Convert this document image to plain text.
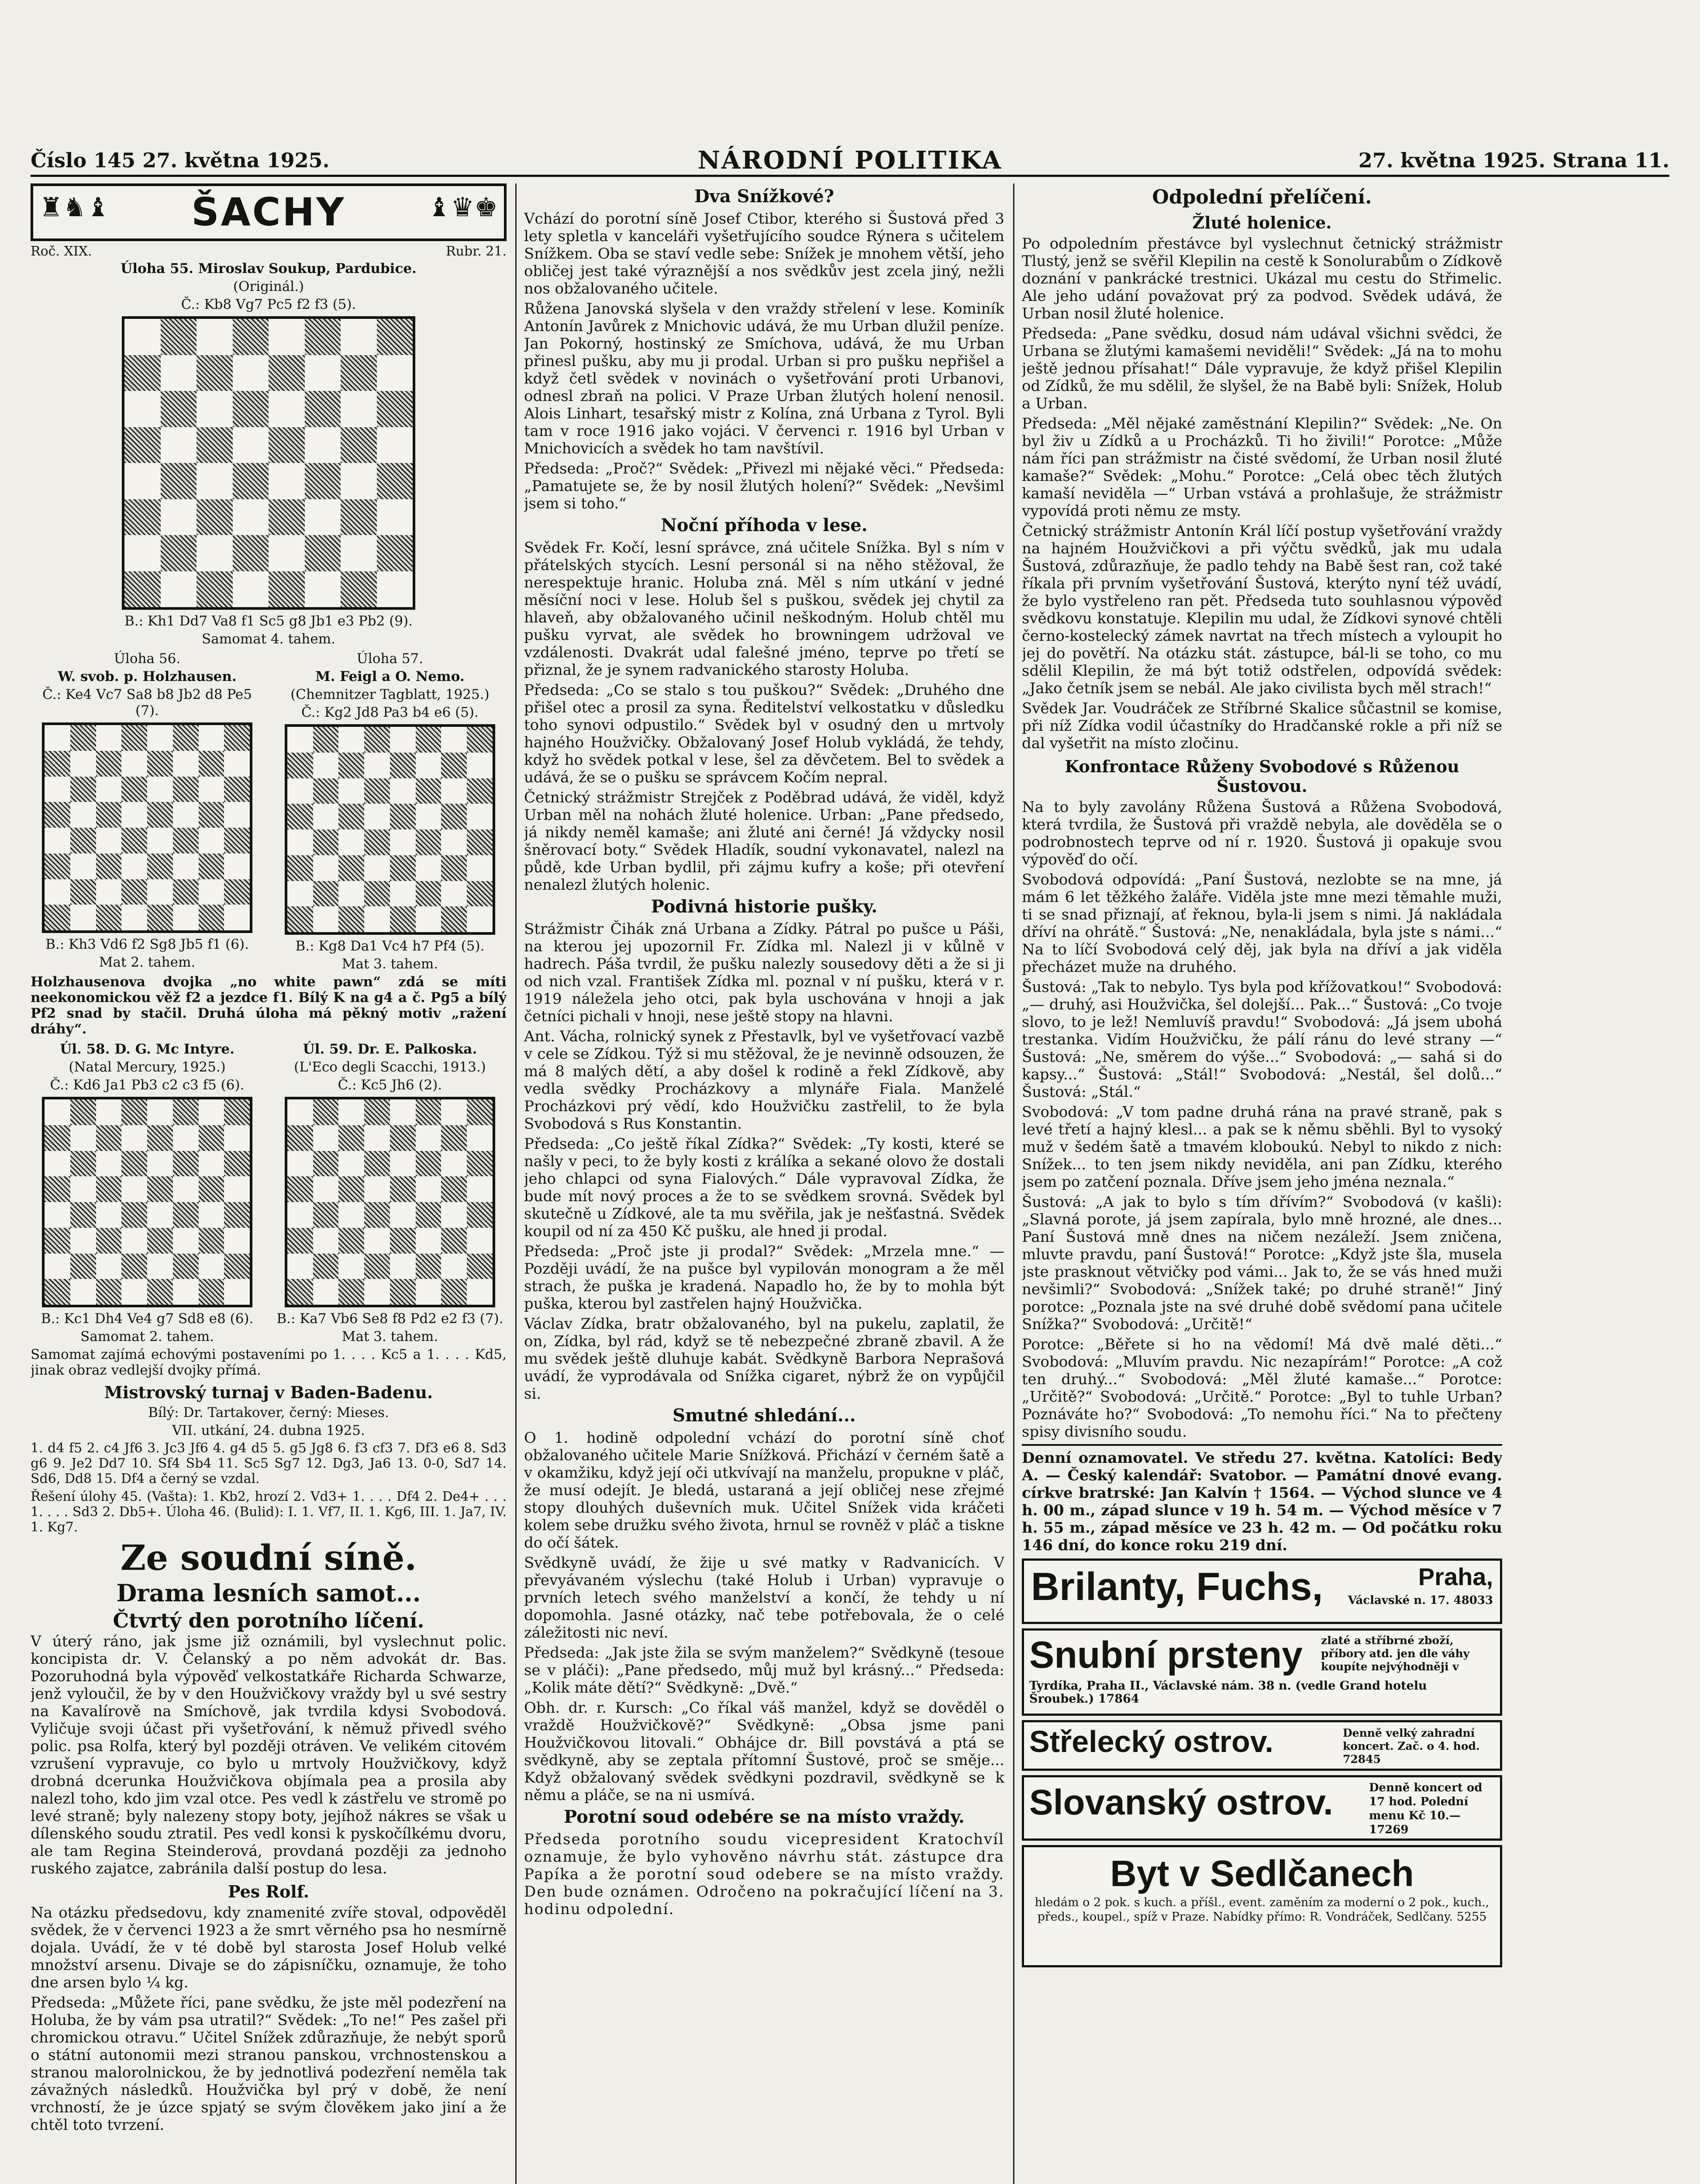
Číslo 145 27. května 1925.	NÁRODNÍ POLITIKA	27. května 1925. Strana 11.
♜♞♝	ŠACHY	♝♛♚
Roč. XIX.	Rubr. 21.
Úloha 55. Miroslav Soukup, Pardubice.
(Originál.)
Č.: Kb8 Vg7 Pc5 f2 f3 (5).
B.: Kh1 Dd7 Va8 f1 Sc5 g8 Jb1 e3 Pb2 (9).
Samomat 4. tahem.
Úloha 56.
W. svob. p. Holzhausen.
Č.: Ke4 Vc7 Sa8 b8 Jb2 d8 Pe5 (7).
B.: Kh3 Vd6 f2 Sg8 Jb5 f1 (6).
Mat 2. tahem.
Úloha 57.
M. Feigl a O. Nemo.
(Chemnitzer Tagblatt, 1925.)
Č.: Kg2 Jd8 Pa3 b4 e6 (5).
B.: Kg8 Da1 Vc4 h7 Pf4 (5).
Mat 3. tahem.
Holzhausenova dvojka „no white pawn“ zdá se míti neekonomickou věž f2 a jezdce f1. Bílý K na g4 a č. Pg5 a bílý Pf2 snad by stačil. Druhá úloha má pěkný motiv „ražení dráhy“.
Úl. 58. D. G. Mc Intyre.
(Natal Mercury, 1925.)
Č.: Kd6 Ja1 Pb3 c2 c3 f5 (6).
B.: Kc1 Dh4 Ve4 g7 Sd8 e8 (6).
Samomat 2. tahem.
Úl. 59. Dr. E. Palkoska.
(L'Eco degli Scacchi, 1913.)
Č.: Kc5 Jh6 (2).
B.: Ka7 Vb6 Se8 f8 Pd2 e2 f3 (7).
Mat 3. tahem.
Samomat zajímá echovými postaveními po 1. . . . Kc5 a 1. . . . Kd5, jinak obraz vedlejší dvojky přímá.
Mistrovský turnaj v Baden-Badenu.
Bílý: Dr. Tartakover, černý: Mieses.
VII. utkání, 24. dubna 1925.
1. d4 f5 2. c4 Jf6 3. Jc3 Jf6 4. g4 d5 5. g5 Jg8 6. f3 cf3 7. Df3 e6 8. Sd3 g6 9. Je2 Dd7 10. Sf4 Sb4 11. Sc5 Sg7 12. Dg3, Ja6 13. 0-0, Sd7 14. Sd6, Dd8 15. Df4 a černý se vzdal.
Řešení úlohy 45. (Vašta): 1. Kb2, hrozí 2. Vd3+ 1. . . . Df4 2. De4+ . . . 1. . . . Sd3 2. Db5+. Úloha 46. (Bulid): I. 1. Vf7, II. 1. Kg6, III. 1. Ja7, IV. 1. Kg7.
Ze soudní síně.
Drama lesních samot...
Čtvrtý den porotního líčení.
V úterý ráno, jak jsme již oznámili, byl vyslechnut polic. koncipista dr. V. Čelanský a po něm advokát dr. Bas. Pozoruhodná byla výpověď velkostatkáře Richarda Schwarze, jenž vyloučil, že by v den Houžvičkovy vraždy byl u své sestry na Kavalírově na Smíchově, jak tvrdila kdysi Svobodová. Vyličuje svoji účast při vyšetřování, k němuž přivedl svého polic. psa Rolfa, který byl později otráven. Ve velikém citovém vzrušení vypravuje, co bylo u mrtvoly Houžvičkovy, když drobná dcerunka Houžvičkova objímala pea a prosila aby nalezl toho, kdo jim vzal otce. Pes vedl k zástřelu ve stromě po levé straně; byly nalezeny stopy boty, jejíhož nákres se však u dílenského soudu ztratil. Pes vedl konsi k pyskočílkému dvoru, ale tam Regina Steinderová, provdaná později za jednoho ruského zajatce, zabránila další postup do lesa.
Pes Rolf.
Na otázku předsedovu, kdy znamenité zvíře stoval, odpověděl svědek, že v červenci 1923 a že smrt věrného psa ho nesmírně dojala. Uvádí, že v té době byl starosta Josef Holub velké množství arsenu. Divaje se do zápisníčku, oznamuje, že toho dne arsen bylo ¼ kg.
Předseda: „Můžete říci, pane svědku, že jste měl podezření na Holuba, že by vám psa utratil?“ Svědek: „To ne!“ Pes zašel při chromickou otravu.“ Učitel Snížek zdůrazňuje, že nebýt sporů o státní autonomii mezi stranou panskou, vrchnostenskou a stranou malorolnickou, že by jednotlivá podezření neměla tak závažných následků. Houžvička byl prý v době, že není vrchností, že je úzce spjatý se svým člověkem jako jiní a že chtěl toto tvrzení.
Dva Snížkové?
Vchází do porotní síně Josef Ctibor, kterého si Šustová před 3 lety spletla v kanceláři vyšetřujícího soudce Rýnera s učitelem Snížkem. Oba se staví vedle sebe: Snížek je mnohem větší, jeho obličej jest také výraznější a nos svědkův jest zcela jiný, nežli nos obžalovaného učitele.
Růžena Janovská slyšela v den vraždy střelení v lese. Kominík Antonín Javůrek z Mnichovic udává, že mu Urban dlužil peníze. Jan Pokorný, hostinský ze Smíchova, udává, že mu Urban přinesl pušku, aby mu ji prodal. Urban si pro pušku nepřišel a když četl svědek v novinách o vyšetřování proti Urbanovi, odnesl zbraň na polici. V Praze Urban žlutých holení nenosil. Alois Linhart, tesařský mistr z Kolína, zná Urbana z Tyrol. Byli tam v roce 1916 jako vojáci. V červenci r. 1916 byl Urban v Mnichovicích a svědek ho tam navštívil.
Předseda: „Proč?“ Svědek: „Přivezl mi nějaké věci.“ Předseda: „Pamatujete se, že by nosil žlutých holení?“ Svědek: „Nevšiml jsem si toho.“
Noční příhoda v lese.
Svědek Fr. Kočí, lesní správce, zná učitele Snížka. Byl s ním v přátelských stycích. Lesní personál si na něho stěžoval, že nerespektuje hranic. Holuba zná. Měl s ním utkání v jedné měsíční noci v lese. Holub šel s puškou, svědek jej chytil za hlaveň, aby obžalovaného učinil neškodným. Holub chtěl mu pušku vyrvat, ale svědek ho browningem udržoval ve vzdálenosti. Dvakrát udal falešné jméno, teprve po třetí se přiznal, že je synem radvanického starosty Holuba.
Předseda: „Co se stalo s tou puškou?“ Svědek: „Druhého dne přišel otec a prosil za syna. Ředitelství velkostatku v důsledku toho synovi odpustilo.“ Svědek byl v osudný den u mrtvoly hajného Houžvičky. Obžalovaný Josef Holub vykládá, že tehdy, když ho svědek potkal v lese, šel za děvčetem. Bel to svědek a udává, že se o pušku se správcem Kočím nepral.
Četnický strážmistr Strejček z Poděbrad udává, že viděl, když Urban měl na nohách žluté holenice. Urban: „Pane předsedo, já nikdy neměl kamaše; ani žluté ani černé! Já vždycky nosil šněrovací boty.“ Svědek Hladík, soudní vykonavatel, nalezl na půdě, kde Urban bydlil, při zájmu kufry a koše; při otevření nenalezl žlutých holenic.
Podivná historie pušky.
Strážmistr Čihák zná Urbana a Zídky. Pátral po pušce u Páši, na kterou jej upozornil Fr. Zídka ml. Nalezl ji v kůlně v hadrech. Páša tvrdil, že pušku nalezly sousedovy děti a že si ji od nich vzal. František Zídka ml. poznal v ní pušku, která v r. 1919 náležela jeho otci, pak byla uschována v hnoji a jak četníci pichali v hnoji, nese ještě stopy na hlavni.
Ant. Vácha, rolnický synek z Přestavlk, byl ve vyšetřovací vazbě v cele se Zídkou. Týž si mu stěžoval, že je nevinně odsouzen, že má 8 malých dětí, a aby došel k rodině a řekl Zídkově, aby vedla svědky Procházkovy a mlynáře Fiala. Manželé Procházkovi prý vědí, kdo Houžvičku zastřelil, to že byla Svobodová s Rus Konstantin.
Předseda: „Co ještě říkal Zídka?“ Svědek: „Ty kosti, které se našly v peci, to že byly kosti z králíka a sekané olovo že dostali jeho chlapci od syna Fialových.“ Dále vypravoval Zídka, že bude mít nový proces a že to se svědkem srovná. Svědek byl skutečně u Zídkové, ale ta mu svěřila, jak je nešťastná. Svědek koupil od ní za 450 Kč pušku, ale hned ji prodal.
Předseda: „Proč jste ji prodal?“ Svědek: „Mrzela mne.“ — Později uvádí, že na pušce byl vypilován monogram a že měl strach, že puška je kradená. Napadlo ho, že by to mohla být puška, kterou byl zastřelen hajný Houžvička.
Václav Zídka, bratr obžalovaného, byl na pukelu, zaplatil, že on, Zídka, byl rád, když se tě nebezpečné zbraně zbavil. A že mu svědek ještě dluhuje kabát. Svědkyně Barbora Neprašová uvádí, že vyprodávala od Snížka cigaret, nýbrž že on vypůjčil si.
Smutné shledání...
O 1. hodině odpolední vchází do porotní síně choť obžalovaného učitele Marie Snížková. Přichází v černém šatě a v okamžiku, když její oči utkvívají na manželu, propukne v pláč, že musí odejít. Je bledá, ustaraná a její obličej nese zřejmé stopy dlouhých duševních muk. Učitel Snížek vida kráčeti kolem sebe družku svého života, hrnul se rovněž v pláč a tiskne do očí šátek.
Svědkyně uvádí, že žije u své matky v Radvanicích. V převyávaném výslechu (také Holub i Urban) vypravuje o prvních letech svého manželství a končí, že tehdy u ní dopomohla. Jasné otázky, nač tebe potřebovala, že o celé záležitosti nic neví.
Předseda: „Jak jste žila se svým manželem?“ Svědkyně (tesoue se v pláči): „Pane předsedo, můj muž byl krásný...“ Předseda: „Kolik máte dětí?“ Svědkyně: „Dvě.“
Obh. dr. r. Kursch: „Co říkal váš manžel, když se dověděl o vraždě Houžvičkově?“ Svědkyně: „Obsa jsme pani Houžvičkovou litovali.“ Obhájce dr. Bill povstává a ptá se svědkyně, aby se zeptala přítomní Šustové, proč se směje... Když obžalovaný svědek svědkyni pozdravil, svědkyně se k němu a pláče, se na ni usmívá.
Porotní soud odebére se na místo vraždy.
Předseda porotního soudu vicepresident Kratochvíl oznamuje, že bylo vyhověno návrhu stát. zástupce dra Papíka a že porotní soud odebere se na místo vraždy. Den bude oznámen. Odročeno na pokračující líčení na 3. hodinu odpolední.
Odpolední přelíčení.
Žluté holenice.
Po odpoledním přestávce byl vyslechnut četnický strážmistr Tlustý, jenž se svěřil Klepilin na cestě k Sonolurabům o Zídkově doznání v pankrácké trestnici. Ukázal mu cestu do Střimelic. Ale jeho udání považovat prý za podvod. Svědek udává, že Urban nosil žluté holenice.
Předseda: „Pane svědku, dosud nám udával všichni svědci, že Urbana se žlutými kamašemi neviděli!“ Svědek: „Já na to mohu ještě jednou přísahat!“ Dále vypravuje, že když přišel Klepilin od Zídků, že mu sdělil, že slyšel, že na Babě byli: Snížek, Holub a Urban.
Předseda: „Měl nějaké zaměstnání Klepilin?“ Svědek: „Ne. On byl živ u Zídků a u Procházků. Ti ho živili!“ Porotce: „Může nám říci pan strážmistr na čisté svědomí, že Urban nosil žluté kamaše?“ Svědek: „Mohu.“ Porotce: „Celá obec těch žlutých kamaší neviděla —“ Urban vstává a prohlašuje, že strážmistr vypovídá proti němu ze msty.
Četnický strážmistr Antonín Král líčí postup vyšetřování vraždy na hajném Houžvičkovi a při výčtu svědků, jak mu udala Šustová, zdůrazňuje, že padlo tehdy na Babě šest ran, což také říkala při prvním vyšetřování Šustová, kterýto nyní též uvádí, že bylo vystřeleno ran pět. Předseda tuto souhlasnou výpověď svědkovu konstatuje. Klepilin mu udal, že Zídkovi synové chtěli černo-kostelecký zámek navrtat na třech místech a vyloupit ho jej do povětří. Na otázku stát. zástupce, bál-li se toho, co mu sdělil Klepilin, že má být totiž odstřelen, odpovídá svědek: „Jako četník jsem se nebál. Ale jako civilista bych měl strach!“
Svědek Jar. Voudráček ze Stříbrné Skalice sůčastnil se komise, při níž Zídka vodil účastníky do Hradčanské rokle a při níž se dal vyšetřit na místo zločinu.
Konfrontace Růženy Svobodové s Růženou Šustovou.
Na to byly zavolány Růžena Šustová a Růžena Svobodová, která tvrdila, že Šustová při vraždě nebyla, ale dověděla se o podrobnostech teprve od ní r. 1920. Šustová ji opakuje svou výpověď do očí.
Svobodová odpovídá: „Paní Šustová, nezlobte se na mne, já mám 6 let těžkého žaláře. Viděla jste mne mezi těmahle muži, ti se snad přiznají, ať řeknou, byla-li jsem s nimi. Já nakládala dříví na ohrátě.“ Šustová: „Ne, nenakládala, byla jste s námi...“ Na to líčí Svobodová celý děj, jak byla na dříví a jak viděla přecházet muže na druhého.
Šustová: „Tak to nebylo. Tys byla pod křížovatkou!“ Svobodová: „— druhý, asi Houžvička, šel dolejší... Pak...“ Šustová: „Co tvoje slovo, to je lež! Nemluvíš pravdu!“ Svobodová: „Já jsem ubohá trestanka. Vidím Houžvičku, že pálí ránu do levé strany —“ Šustová: „Ne, směrem do výše...“ Svobodová: „— sahá si do kapsy...“ Šustová: „Stál!“ Svobodová: „Nestál, šel dolů...“ Šustová: „Stál.“
Svobodová: „V tom padne druhá rána na pravé straně, pak s levé třetí a hajný klesl... a pak se k němu sběhli. Byl to vysoký muž v šedém šatě a tmavém kloboukú. Nebyl to nikdo z nich: Snížek... to ten jsem nikdy neviděla, ani pan Zídku, kterého jsem po zatčení poznala. Dříve jsem jeho jména neznala.“
Šustová: „A jak to bylo s tím dřívím?“ Svobodová (v kašli): „Slavná porote, já jsem zapírala, bylo mně hrozné, ale dnes... Paní Šustová mně dnes na ničem nezáleží. Jsem zničena, mluvte pravdu, paní Šustová!“ Porotce: „Když jste šla, musela jste prasknout větvičky pod vámi... Jak to, že se vás hned muži nevšimli?“ Svobodová: „Snížek také; po druhé straně!“ Jiný porotce: „Poznala jste na své druhé době svědomí pana učitele Snížka?“ Svobodová: „Určitě!“
Porotce: „Běřete si ho na vědomí! Má dvě malé děti...“ Svobodová: „Mluvím pravdu. Nic nezapírám!“ Porotce: „A což ten druhý...“ Svobodová: „Měl žluté kamaše...“ Porotce: „Určitě?“ Svobodová: „Určitě.“ Porotce: „Byl to tuhle Urban? Poznáváte ho?“ Svobodová: „To nemohu říci.“ Na to přečteny spisy divisního soudu.
Denní oznamovatel. Ve středu 27. května. Katolíci: Bedy A. — Český kalendář: Svatobor. — Památní dnové evang. církve bratrské: Jan Kalvín † 1564. — Východ slunce ve 4 h. 00 m., západ slunce v 19 h. 54 m. — Východ měsíce v 7 h. 55 m., západ měsíce ve 23 h. 42 m. — Od počátku roku 146 dní, do konce roku 219 dní.
Brilanty, Fuchs,	Praha,
Václavské n. 17. 48033
Snubní prsteny zlaté a stříbrné zboží, příbory atd. jen dle váhy koupíte nejvýhodněji v
Tyrdíka, Praha II., Václavské nám. 38 n. (vedle Grand hotelu Šroubek.) 17864
Střelecký ostrov.	Denně velký zahradní koncert. Zač. o 4. hod. 72845
Slovanský ostrov.	Denně koncert od 17 hod. Polední menu Kč 10.— 17269
Byt v Sedlčanech
hledám o 2 pok. s kuch. a příšl., event. zaměním za moderní o 2 pok., kuch., předs., koupel., spíž v Praze. Nabídky přímo: R. Vondráček, Sedlčany. 5255
